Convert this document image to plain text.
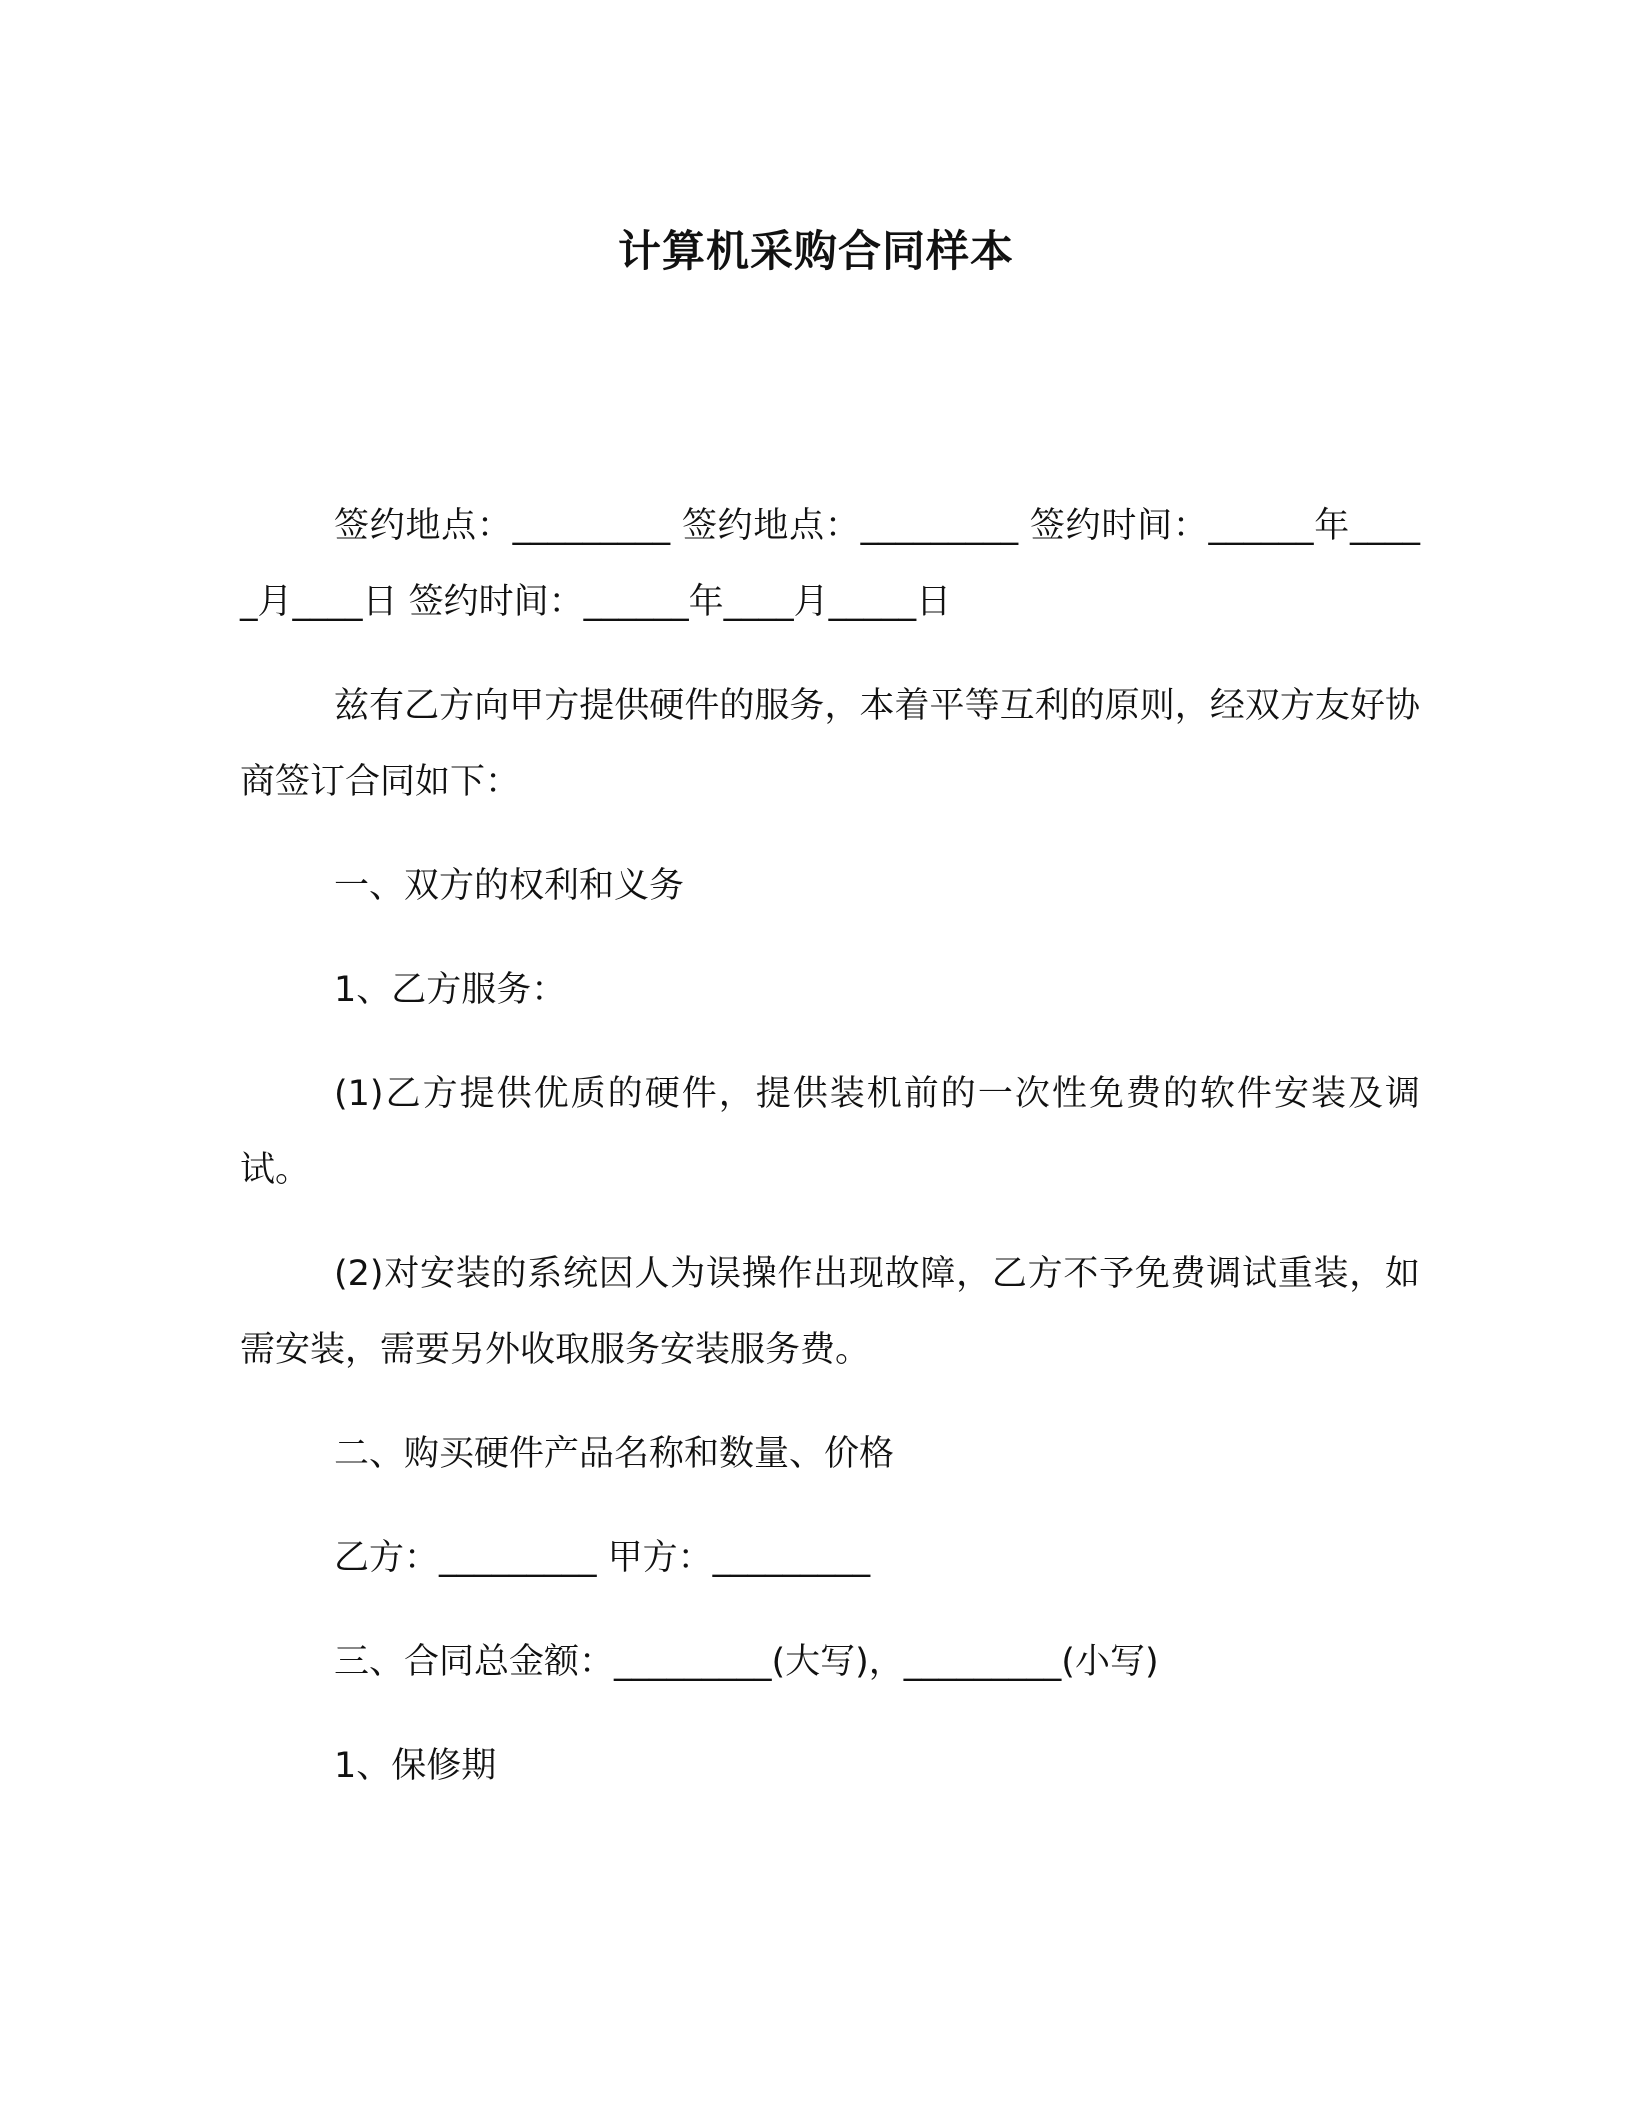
计算机采购合同样本

签约地点：_________ 签约地点：_________ 签约时间：______年_____月____日 签约时间：______年____月_____日

兹有乙方向甲方提供硬件的服务，本着平等互利的原则，经双方友好协商签订合同如下：

一、双方的权利和义务

1、乙方服务：

(1)乙方提供优质的硬件，提供装机前的一次性免费的软件安装及调试。

(2)对安装的系统因人为误操作出现故障，乙方不予免费调试重装，如需安装，需要另外收取服务安装服务费。

二、购买硬件产品名称和数量、价格

乙方：_________ 甲方：_________

三、合同总金额：_________(大写)，_________(小写)

1、保修期
